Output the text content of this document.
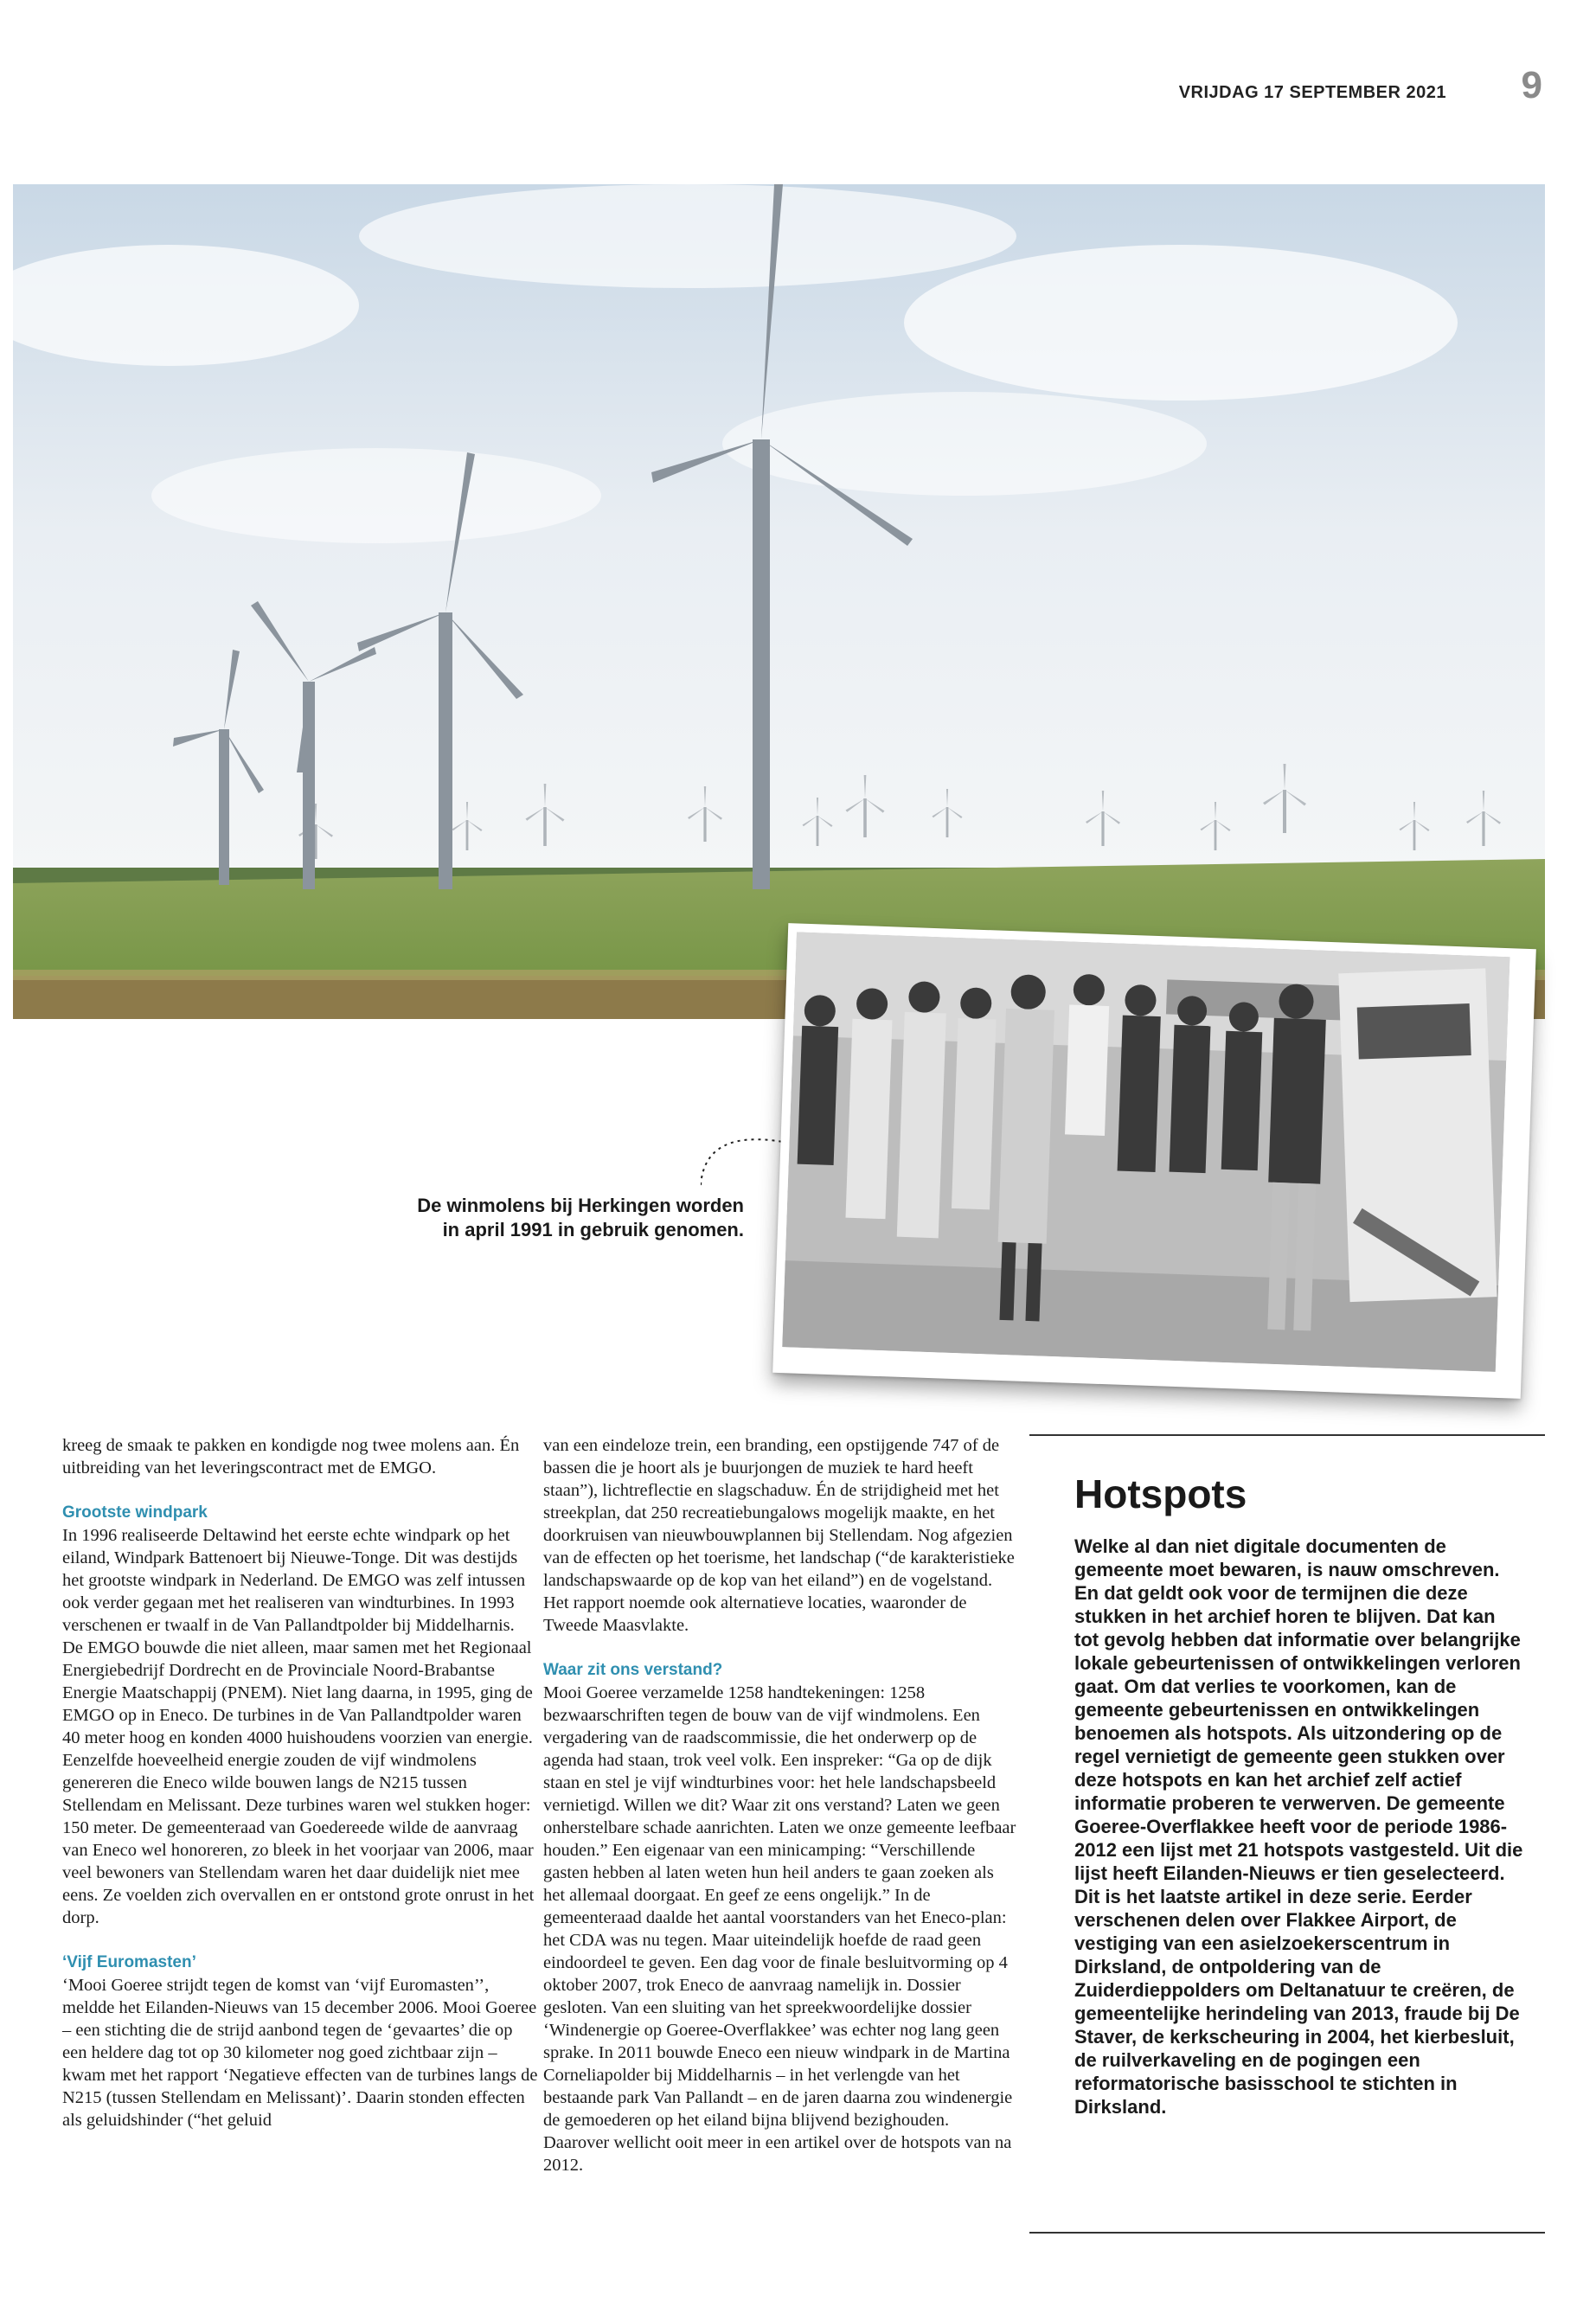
VRIJDAG 17 SEPTEMBER 2021 9
De winmolens bij Herkingen worden
in april 1991 in gebruik genomen.

kreeg de smaak te pakken en kondigde nog twee molens aan. Én uitbreiding van het leveringscontract met de EMGO.

Grootste windpark

In 1996 realiseerde Deltawind het eerste echte windpark op het eiland, Windpark Battenoert bij Nieuwe-Tonge. Dit was destijds het grootste windpark in Nederland. De EMGO was zelf intussen ook verder gegaan met het realiseren van windturbines. In 1993 verschenen er twaalf in de Van Pallandtpolder bij Middelharnis. De EMGO bouwde die niet alleen, maar samen met het Regionaal Energiebedrijf Dordrecht en de Provinciale Noord-Brabantse Energie Maatschappij (PNEM). Niet lang daarna, in 1995, ging de EMGO op in Eneco. De turbines in de Van Pallandtpolder waren 40 meter hoog en konden 4000 huishoudens voorzien van energie. Eenzelfde hoeveelheid energie zouden de vijf windmolens genereren die Eneco wilde bouwen langs de N215 tussen Stellendam en Melissant. Deze turbines waren wel stukken hoger: 150 meter. De gemeenteraad van Goedereede wilde de aanvraag van Eneco wel honoreren, zo bleek in het voorjaar van 2006, maar veel bewoners van Stellendam waren het daar duidelijk niet mee eens. Ze voelden zich overvallen en er ontstond grote onrust in het dorp.

‘Vijf Euromasten’

‘Mooi Goeree strijdt tegen de komst van ‘vijf Euromasten’’, meldde het Eilanden-Nieuws van 15 december 2006. Mooi Goeree – een stichting die de strijd aanbond tegen de ‘gevaartes’ die op een heldere dag tot op 30 kilometer nog goed zichtbaar zijn – kwam met het rapport ‘Negatieve effecten van de turbines langs de N215 (tussen Stellendam en Melissant)’. Daarin stonden effecten als geluidshinder (“het geluid

van een eindeloze trein, een branding, een opstijgende 747 of de bassen die je hoort als je buurjongen de muziek te hard heeft staan”), lichtreflectie en slagschaduw. Én de strijdigheid met het streekplan, dat 250 recreatiebungalows mogelijk maakte, en het doorkruisen van nieuwbouwplannen bij Stellendam. Nog afgezien van de effecten op het toerisme, het landschap (“de karakteristieke landschapswaarde op de kop van het eiland”) en de vogelstand. Het rapport noemde ook alternatieve locaties, waaronder de Tweede Maasvlakte.

Waar zit ons verstand?

Mooi Goeree verzamelde 1258 handtekeningen: 1258 bezwaarschriften tegen de bouw van de vijf windmolens. Een vergadering van de raadscommissie, die het onderwerp op de agenda had staan, trok veel volk. Een inspreker: “Ga op de dijk staan en stel je vijf windturbines voor: het hele landschapsbeeld vernietigd. Willen we dit? Waar zit ons verstand? Laten we geen onherstelbare schade aanrichten. Laten we onze gemeente leefbaar houden.” Een eigenaar van een minicamping: “Verschillende gasten hebben al laten weten hun heil anders te gaan zoeken als het allemaal doorgaat. En geef ze eens ongelijk.” In de gemeenteraad daalde het aantal voorstanders van het Eneco-plan: het CDA was nu tegen. Maar uiteindelijk hoefde de raad geen eindoordeel te geven. Een dag voor de finale besluitvorming op 4 oktober 2007, trok Eneco de aanvraag namelijk in. Dossier gesloten. Van een sluiting van het spreekwoordelijke dossier ‘Windenergie op Goeree-Overflakkee’ was echter nog lang geen sprake. In 2011 bouwde Eneco een nieuw windpark in de Martina Corneliapolder bij Middelharnis – in het verlengde van het bestaande park Van Pallandt – en de jaren daarna zou windenergie de gemoederen op het eiland bijna blijvend bezighouden. Daarover wellicht ooit meer in een artikel over de hotspots van na 2012.

Hotspots

Welke al dan niet digitale documenten de gemeente moet bewaren, is nauw omschreven. En dat geldt ook voor de termijnen die deze stukken in het archief horen te blijven. Dat kan tot gevolg hebben dat informatie over belangrijke lokale gebeurtenissen of ontwikkelingen verloren gaat. Om dat verlies te voorkomen, kan de gemeente gebeurtenissen en ontwikkelingen benoemen als hotspots. Als uitzondering op de regel vernietigt de gemeente geen stukken over deze hotspots en kan het archief zelf actief informatie proberen te verwerven. De gemeente Goeree-Overflakkee heeft voor de periode 1986-2012 een lijst met 21 hotspots vastgesteld. Uit die lijst heeft Eilanden-Nieuws er tien geselecteerd. Dit is het laatste artikel in deze serie. Eerder verschenen delen over Flakkee Airport, de vestiging van een asielzoekerscentrum in Dirksland, de ontpoldering van de Zuiderdieppolders om Deltanatuur te creëren, de gemeentelijke herindeling van 2013, fraude bij De Staver, de kerkscheuring in 2004, het kierbesluit, de ruilverkaveling en de pogingen een reformatorische basisschool te stichten in Dirksland.
